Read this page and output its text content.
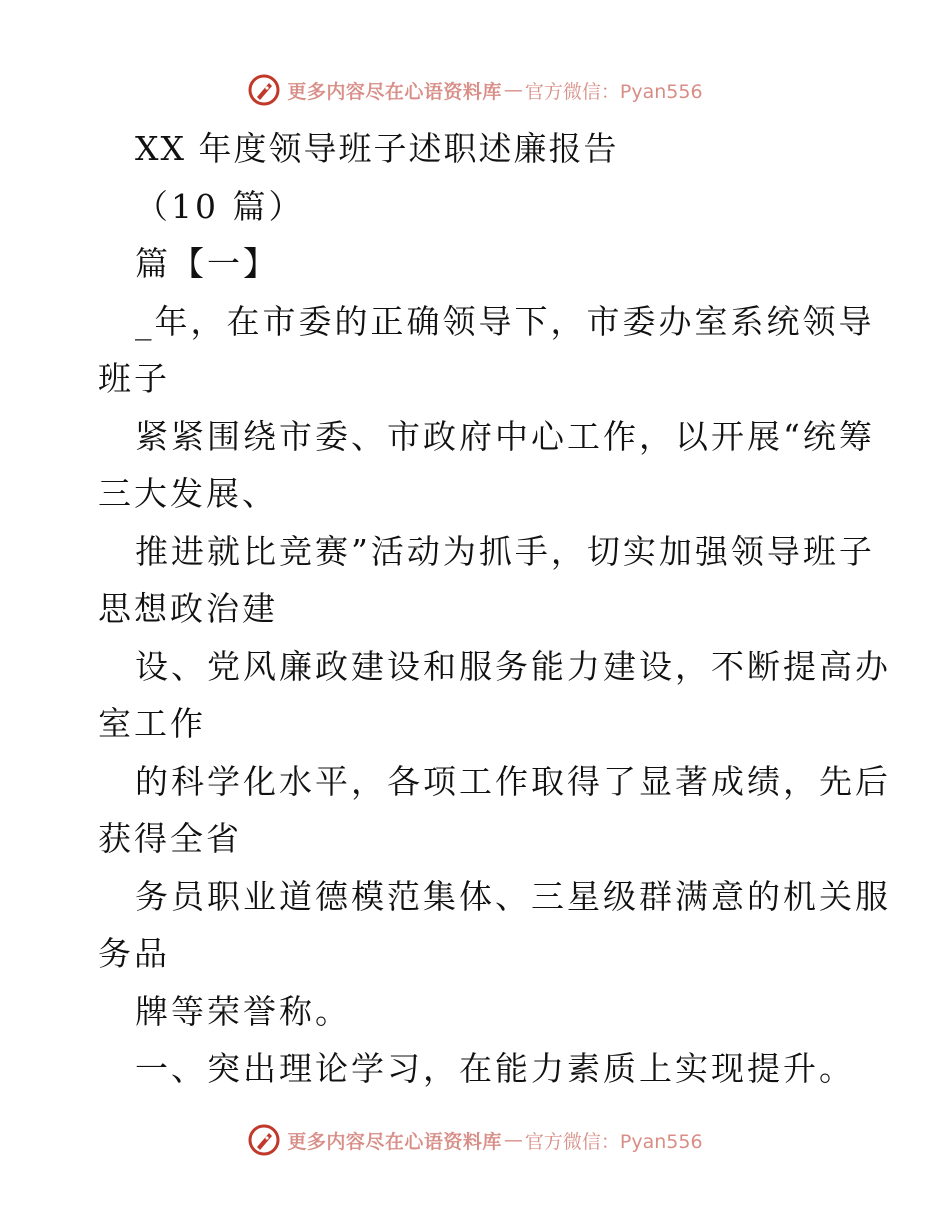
更多内容尽在心语资料库 — 官方微信：Pyan556
XX 年度领导班子述职述廉报告
（10 篇）
篇【一】
_年，在市委的正确领导下，市委办室系统领导
班子
紧紧围绕市委、市政府中心工作，以开展“统筹
三大发展、
推进就比竞赛”活动为抓手，切实加强领导班子
思想政治建
设、党风廉政建设和服务能力建设，不断提高办
室工作
的科学化水平，各项工作取得了显著成绩，先后
获得全省
务员职业道德模范集体、三星级群满意的机关服
务品
牌等荣誉称。
一、突出理论学习，在能力素质上实现提升。
更多内容尽在心语资料库 — 官方微信：Pyan556
